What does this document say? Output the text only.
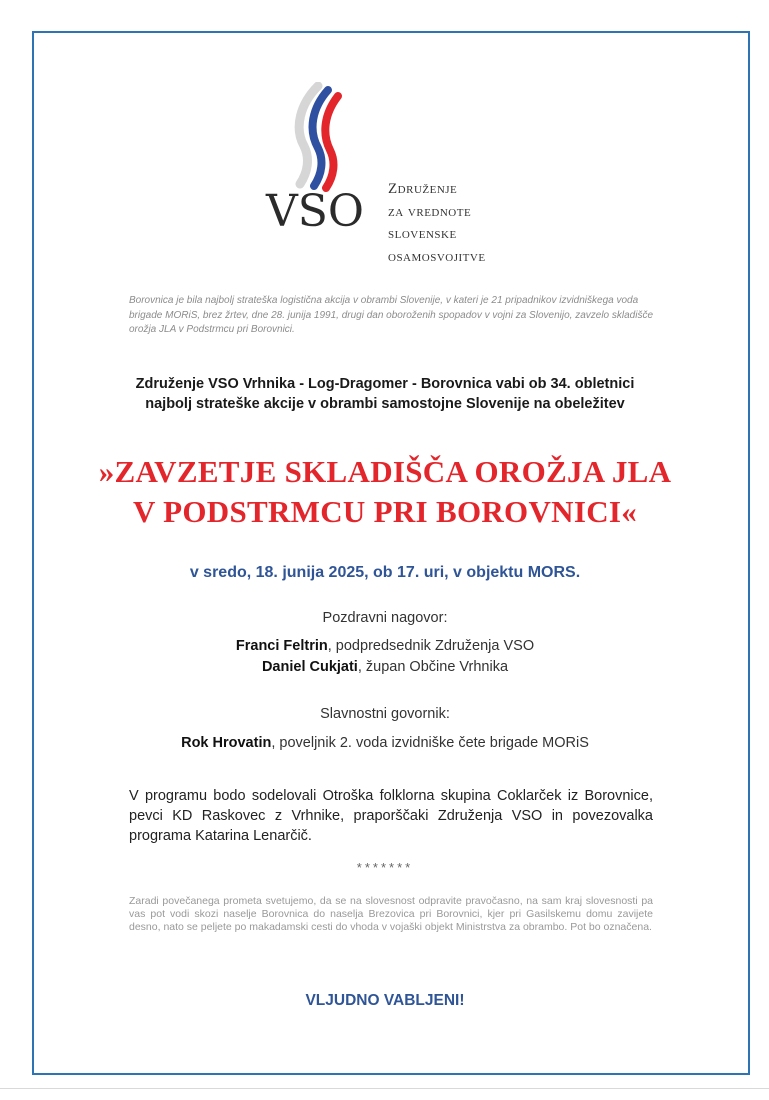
VSO Združenje
za vrednote
slovenske
osamosvojitve
Borovnica je bila najbolj strateška logistična akcija v obrambi Slovenije, v kateri je 21 pripadnikov izvidniškega voda brigade MORiS, brez žrtev, dne 28. junija 1991, drugi dan oboroženih spopadov v vojni za Slovenijo, zavzelo skladišče orožja JLA v Podstrmcu pri Borovnici.
Združenje VSO Vrhnika - Log-Dragomer - Borovnica vabi ob 34. obletnici
najbolj strateške akcije v obrambi samostojne Slovenije na obeležitev
»ZAVZETJE SKLADIŠČA OROŽJA JLA
V PODSTRMCU PRI BOROVNICI«
v sredo, 18. junija 2025, ob 17. uri, v objektu MORS.
Pozdravni nagovor:
Franci Feltrin, podpredsednik Združenja VSO
Daniel Cukjati, župan Občine Vrhnika
Slavnostni govornik:
Rok Hrovatin, poveljnik 2. voda izvidniške čete brigade MORiS
V programu bodo sodelovali Otroška folklorna skupina Coklarček iz Borovnice, pevci KD Raskovec z Vrhnike, praporščaki Združenja VSO in povezovalka programa Katarina Lenarčič.
*******
Zaradi povečanega prometa svetujemo, da se na slovesnost odpravite pravočasno, na sam kraj slovesnosti pa vas pot vodi skozi naselje Borovnica do naselja Brezovica pri Borovnici, kjer pri Gasilskemu domu zavijete desno, nato se peljete po makadamski cesti do vhoda v vojaški objekt Ministrstva za obrambo. Pot bo označena.
VLJUDNO VABLJENI!
